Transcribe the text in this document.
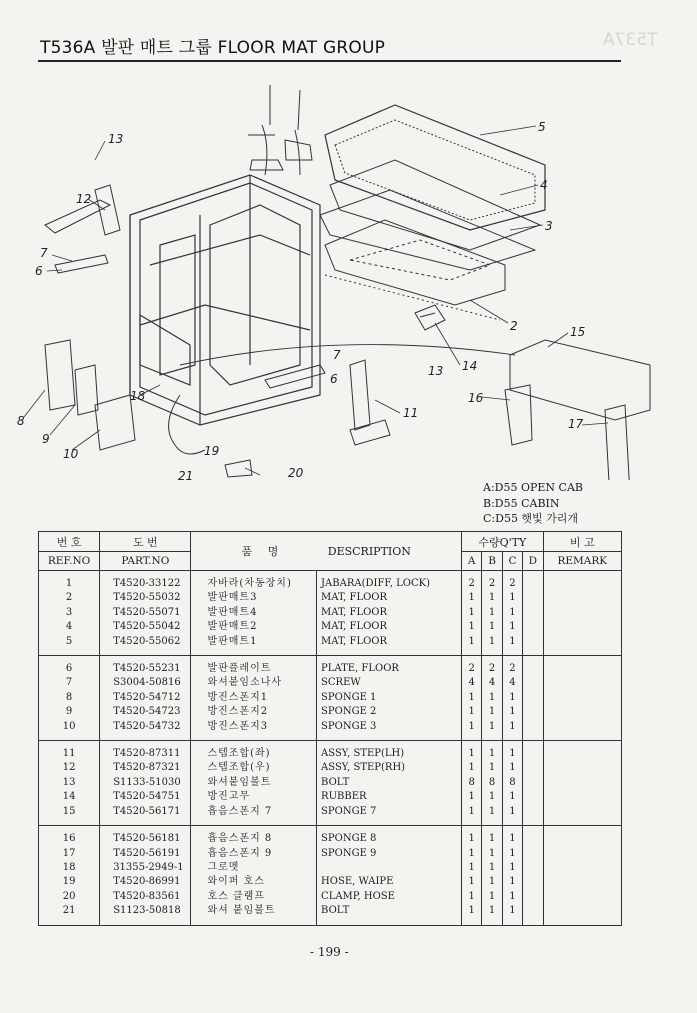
T536A 발판 매트 그룹 FLOOR MAT GROUP	T537A
2
3
4
5
6
7
8
9
10
11
12
13
14
15
16
17
18
19
20
21
6
7
13
A:D55 OPEN CAB
B:D55 CABIN
C:D55 햇빛 가리개
번 호	도 번	품 명 DESCRIPTION		수량Q'TY				비 고
REF.NO	PART.NO			A	B	C	D	REMARK
1	T4520-33122	자바라(차동장치)	JABARA(DIFF, LOCK)	2	2	2		
2	T4520-55032	발판매트3	MAT, FLOOR	1	1	1		
3	T4520-55071	발판매트4	MAT, FLOOR	1	1	1		
4	T4520-55042	발판매트2	MAT, FLOOR	1	1	1		
5	T4520-55062	발판매트1	MAT, FLOOR	1	1	1		
6	T4520-55231	발판플레이트	PLATE, FLOOR	2	2	2		
7	S3004-50816	와셔붙임소나사	SCREW	4	4	4		
8	T4520-54712	방진스폰지1	SPONGE 1	1	1	1		
9	T4520-54723	방진스폰지2	SPONGE 2	1	1	1		
10	T4520-54732	방진스폰지3	SPONGE 3	1	1	1		
11	T4520-87311	스텝조합(좌)	ASSY, STEP(LH)	1	1	1		
12	T4520-87321	스텝조합(우)	ASSY, STEP(RH)	1	1	1		
13	S1133-51030	와셔붙임볼트	BOLT	8	8	8		
14	T4520-54751	방진고무	RUBBER	1	1	1		
15	T4520-56171	흡음스폰지 7	SPONGE 7	1	1	1		
16	T4520-56181	흡음스폰지 8	SPONGE 8	1	1	1		
17	T4520-56191	흡음스폰지 9	SPONGE 9	1	1	1		
18	31355-2949-1	그로멧		1	1	1		
19	T4520-86991	와이퍼 호스	HOSE, WAIPE	1	1	1		
20	T4520-83561	호스 클램프	CLAMP, HOSE	1	1	1		
21	S1123-50818	와셔 붙임볼트	BOLT	1	1	1		
- 199 -
